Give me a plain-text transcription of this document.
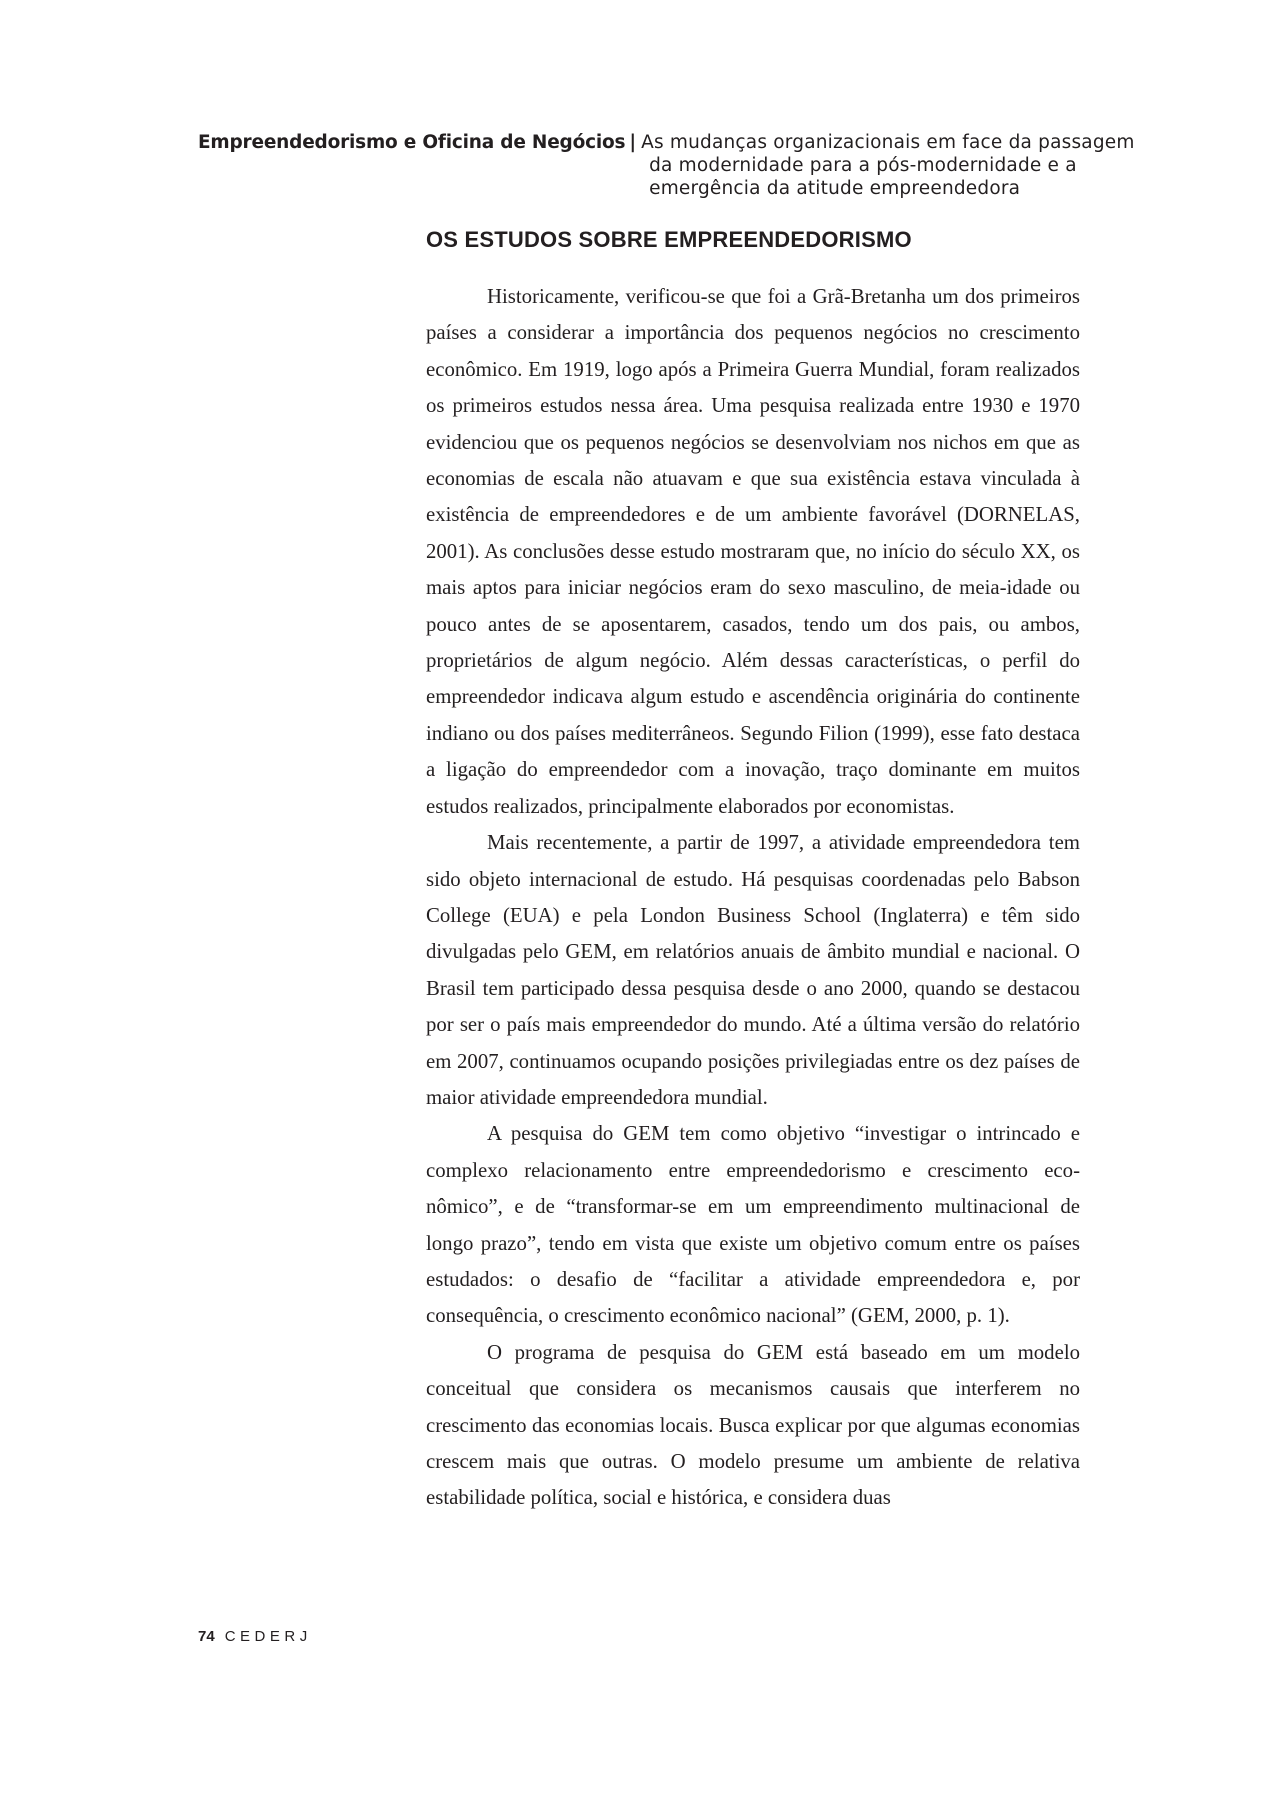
Empreendedorismo e Oficina de Negócios | As mudanças organizacionais em face da passagem
da modernidade para a pós-modernidade e a
emergência da atitude empreendedora
OS ESTUDOS SOBRE EMPREENDEDORISMO

Historicamente, verificou-se que foi a Grã-Bretanha um dos primeiros países a considerar a importância dos pequenos negócios no crescimento econômico. Em 1919, logo após a Primeira Guerra Mundial, foram realizados os primeiros estudos nessa área. Uma pesquisa realizada entre 1930 e 1970 evidenciou que os pequenos negócios se desenvolviam nos nichos em que as economias de escala não atuavam e que sua existência estava vinculada à existência de empreendedores e de um ambiente favorável (DORNELAS, 2001). As conclusões desse estudo mostraram que, no início do século XX, os mais aptos para iniciar negócios eram do sexo masculino, de meia-idade ou pouco antes de se aposentarem, casados, tendo um dos pais, ou ambos, proprietários de algum negócio. Além dessas características, o perfil do empreendedor indicava algum estudo e ascendência originária do continente indiano ou dos países mediterrâneos. Segundo Filion (1999), esse fato destaca a ligação do empreendedor com a inovação, traço dominante em muitos estudos realizados, principalmente elaborados por economistas.

Mais recentemente, a partir de 1997, a atividade empreendedora tem sido objeto internacional de estudo. Há pesquisas coordenadas pelo Babson College (EUA) e pela London Business School (Inglaterra) e têm sido divulgadas pelo GEM, em relatórios anuais de âmbito mundial e nacional. O Brasil tem participado dessa pesquisa desde o ano 2000, quando se destacou por ser o país mais empreendedor do mundo. Até a última versão do relatório em 2007, continuamos ocupando posições privilegiadas entre os dez países de maior atividade empreendedora mundial.

A pesquisa do GEM tem como objetivo “investigar o intrincado e complexo relacionamento entre empreendedorismo e crescimento econômico”, e de “transformar-se em um empreendimento multinacional de longo prazo”, tendo em vista que existe um objetivo comum entre os países estudados: o desafio de “facilitar a atividade empreendedora e, por consequência, o crescimento econômico nacional” (GEM, 2000, p. 1).

O programa de pesquisa do GEM está baseado em um modelo conceitual que considera os mecanismos causais que interferem no crescimento das economias locais. Busca explicar por que algumas economias crescem mais que outras. O modelo presume um ambiente de relativa estabilidade política, social e histórica, e considera duas

74 CEDERJ
